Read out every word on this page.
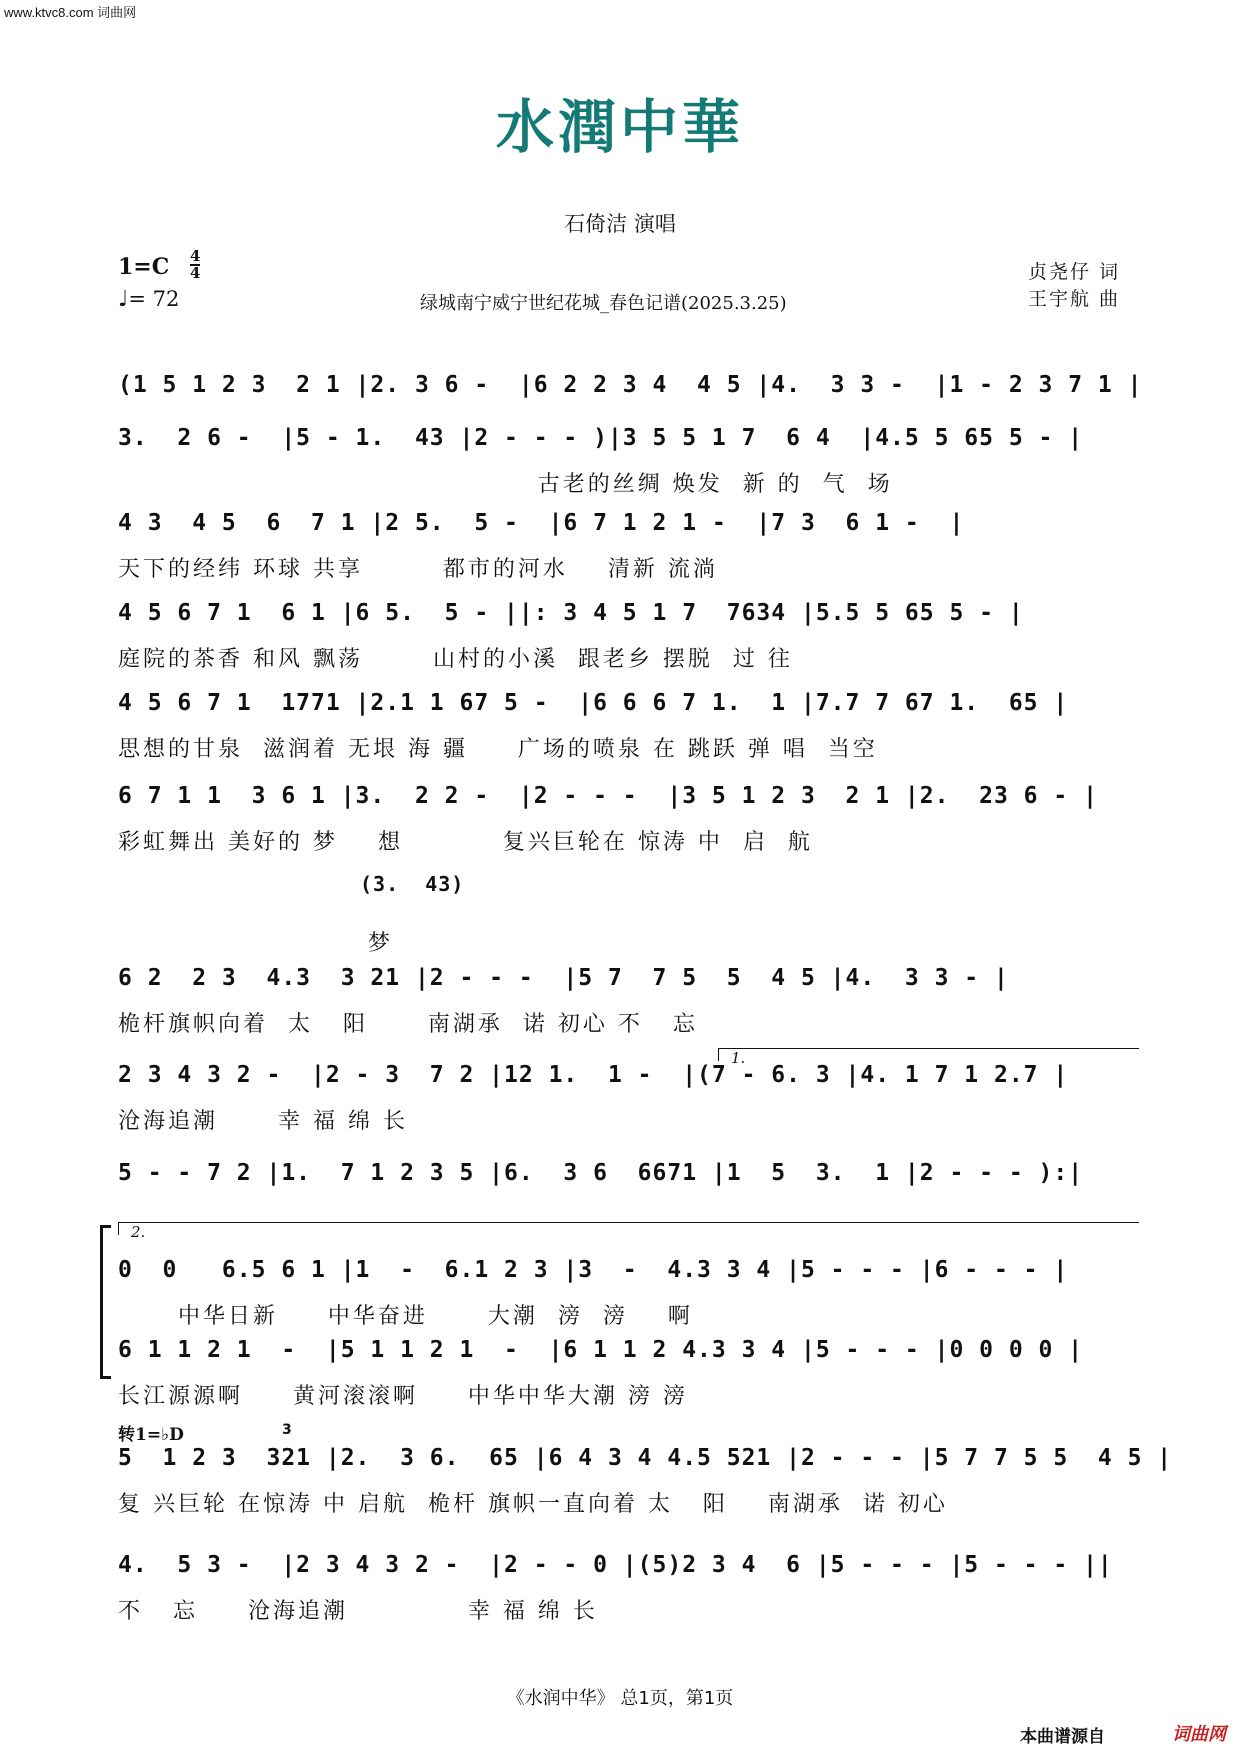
www.ktvc8.com 词曲网
水潤中華
石倚洁 演唱
1=C 4
4
♩= 72	绿城南宁威宁世纪花城_春色记谱(2025.3.25)
贞尧仔 词
王宇航 曲
(1 5 1 2 3  2 1 |2. 3 6 -  |6 2 2 3 4  4 5 |4.  3 3 -  |1 - 2 3 7 1 |
3.  2 6 -  |5 - 1.  43 |2 - - - )|3 5 5 1 7  6 4  |4.5 5 65 5 - |
古老的丝绸 焕发  新 的  气  场
4 3  4 5  6  7 1 |2 5.  5 -  |6 7 1 2 1 -  |7 3  6 1 -  |
天下的经纬 环球 共享        都市的河水    清新 流淌
4 5 6 7 1  6 1 |6 5.  5 - ||: 3 4 5 1 7  7634 |5.5 5 65 5 - |
庭院的茶香 和风 飘荡       山村的小溪  跟老乡 摆脱  过 往
4 5 6 7 1  1771 |2.1 1 67 5 -  |6 6 6 7 1.  1 |7.7 7 67 1.  65 |
思想的甘泉  滋润着 无垠 海 疆     广场的喷泉 在 跳跃 弹 唱  当空
6 7 1 1  3 6 1 |3.  2 2 -  |2 - - -  |3 5 1 2 3  2 1 |2.  23 6 - |
彩虹舞出 美好的 梦    想          复兴巨轮在 惊涛 中  启  航
(3.  43)
梦
6 2  2 3  4.3  3 21 |2 - - -  |5 7  7 5  5  4 5 |4.  3 3 - |
桅杆旗帜向着  太   阳      南湖承  诺 初心 不   忘
2 3 4 3 2 -  |2 - 3  7 2 |12 1.  1 -  |(7 - 6. 3 |4. 1 7 1 2.7 |
沧海追潮      幸 福 绵 长
5 - - 7 2 |1.  7 1 2 3 5 |6.  3 6  6671 |1  5  3.  1 |2 - - - ):|
0  0   6.5 6 1 |1  -  6.1 2 3 |3  -  4.3 3 4 |5 - - - |6 - - - |
中华日新     中华奋进      大潮  滂  滂    啊
6 1 1 2 1  -  |5 1 1 2 1  -  |6 1 1 2 4.3 3 4 |5 - - - |0 0 0 0 |
长江源源啊     黄河滚滚啊     中华中华大潮 滂 滂
5  1 2 3  321 |2.  3 6.  65 |6 4 3 4 4.5 521 |2 - - - |5 7 7 5 5  4 5 |
复 兴巨轮 在惊涛 中 启航  桅杆 旗帜一直向着 太   阳    南湖承  诺 初心
4.  5 3 -  |2 3 4 3 2 -  |2 - - 0 |(5)2 3 4  6 |5 - - - |5 - - - ||
不   忘     沧海追潮            幸 福 绵 长
1.
2.
转1=♭D
《水润中华》 总1页，第1页
本曲谱源自	词曲网
3
